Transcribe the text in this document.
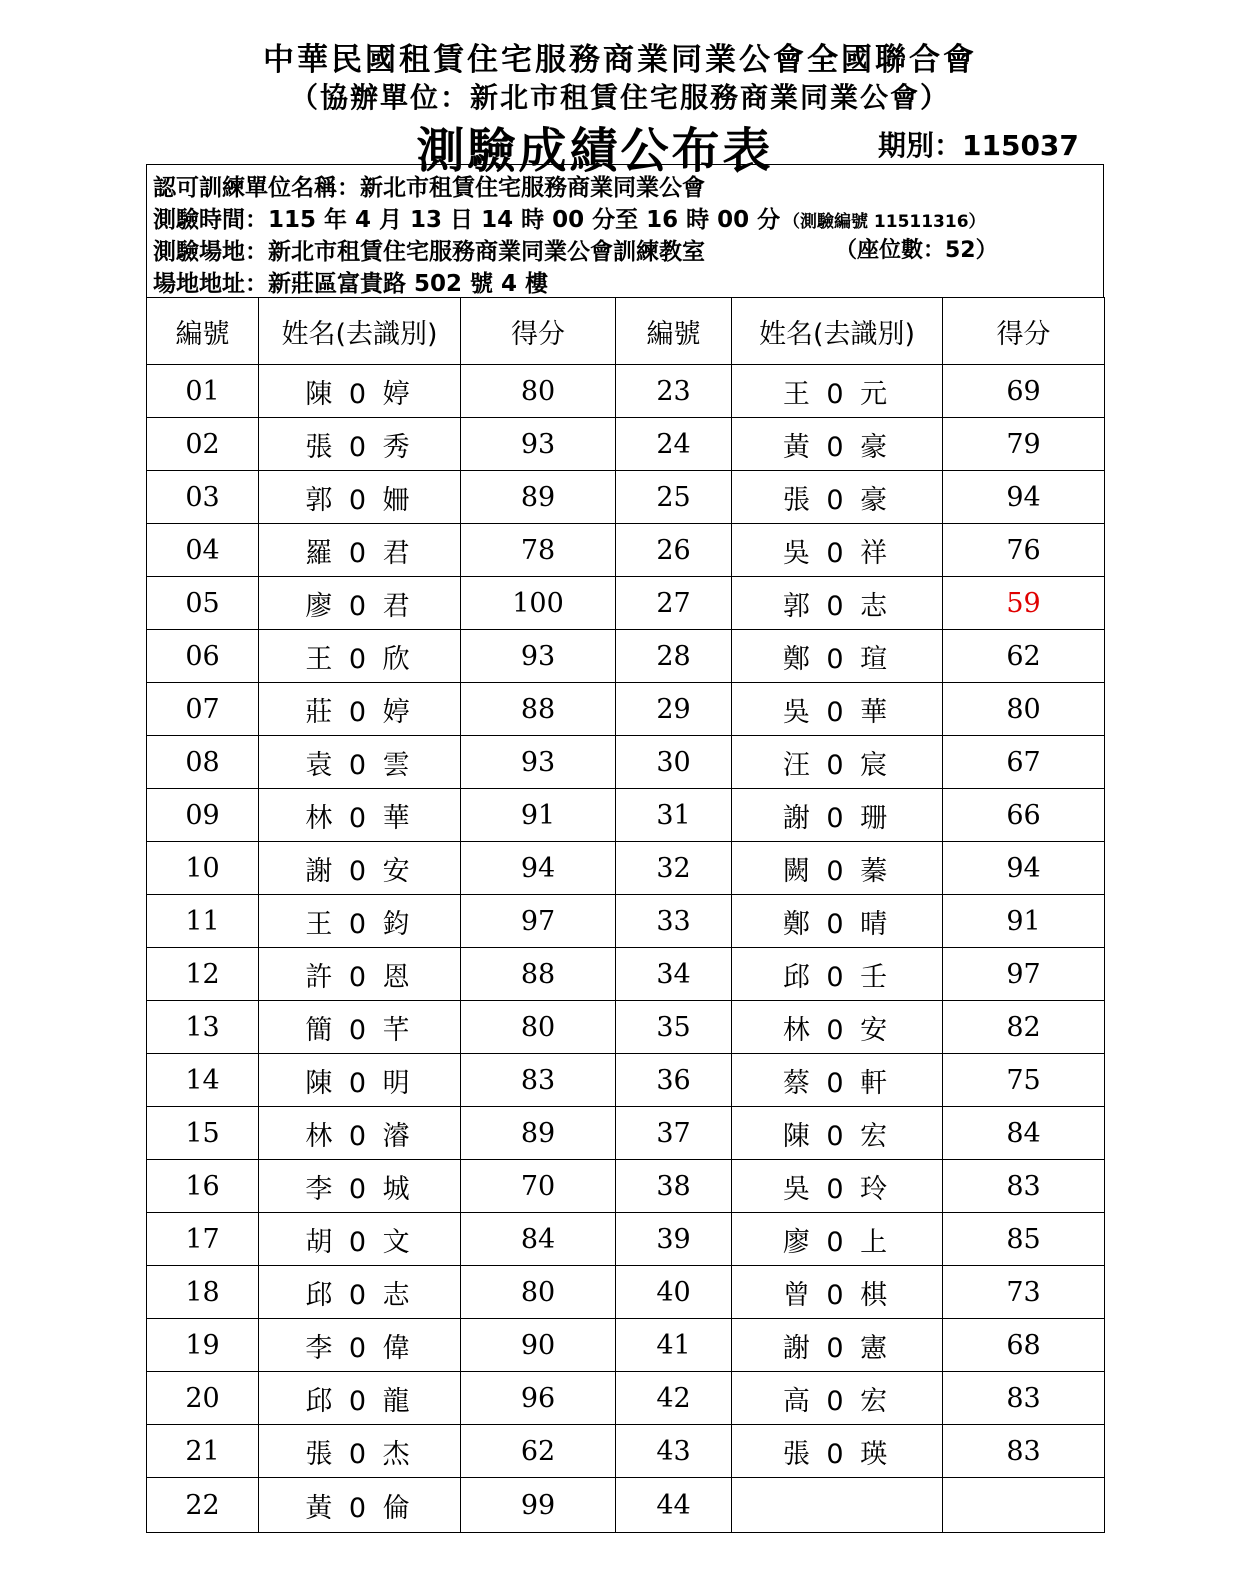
中華民國租賃住宅服務商業同業公會全國聯合會
（協辦單位：新北市租賃住宅服務商業同業公會）
測驗成績公布表	期別：115037
認可訓練單位名稱：新北市租賃住宅服務商業同業公會
測驗時間：115 年 4 月 13 日 14 時 00 分至 16 時 00 分 （測驗編號 11511316）
測驗場地：新北市租賃住宅服務商業同業公會訓練教室	（座位數：52）
場地地址：新莊區富貴路 502 號 4 樓
編號	姓名(去識別)	得分	編號	姓名(去識別)	得分
01	陳 0 婷	80	23	王 0 元	69
02	張 0 秀	93	24	黃 0 豪	79
03	郭 0 姍	89	25	張 0 豪	94
04	羅 0 君	78	26	吳 0 祥	76
05	廖 0 君	100	27	郭 0 志	59
06	王 0 欣	93	28	鄭 0 瑄	62
07	莊 0 婷	88	29	吳 0 華	80
08	袁 0 雲	93	30	汪 0 宸	67
09	林 0 華	91	31	謝 0 珊	66
10	謝 0 安	94	32	闕 0 蓁	94
11	王 0 鈞	97	33	鄭 0 晴	91
12	許 0 恩	88	34	邱 0 壬	97
13	簡 0 芊	80	35	林 0 安	82
14	陳 0 明	83	36	蔡 0 軒	75
15	林 0 濬	89	37	陳 0 宏	84
16	李 0 城	70	38	吳 0 玲	83
17	胡 0 文	84	39	廖 0 上	85
18	邱 0 志	80	40	曾 0 棋	73
19	李 0 偉	90	41	謝 0 憲	68
20	邱 0 龍	96	42	高 0 宏	83
21	張 0 杰	62	43	張 0 瑛	83
22	黃 0 倫	99	44		
